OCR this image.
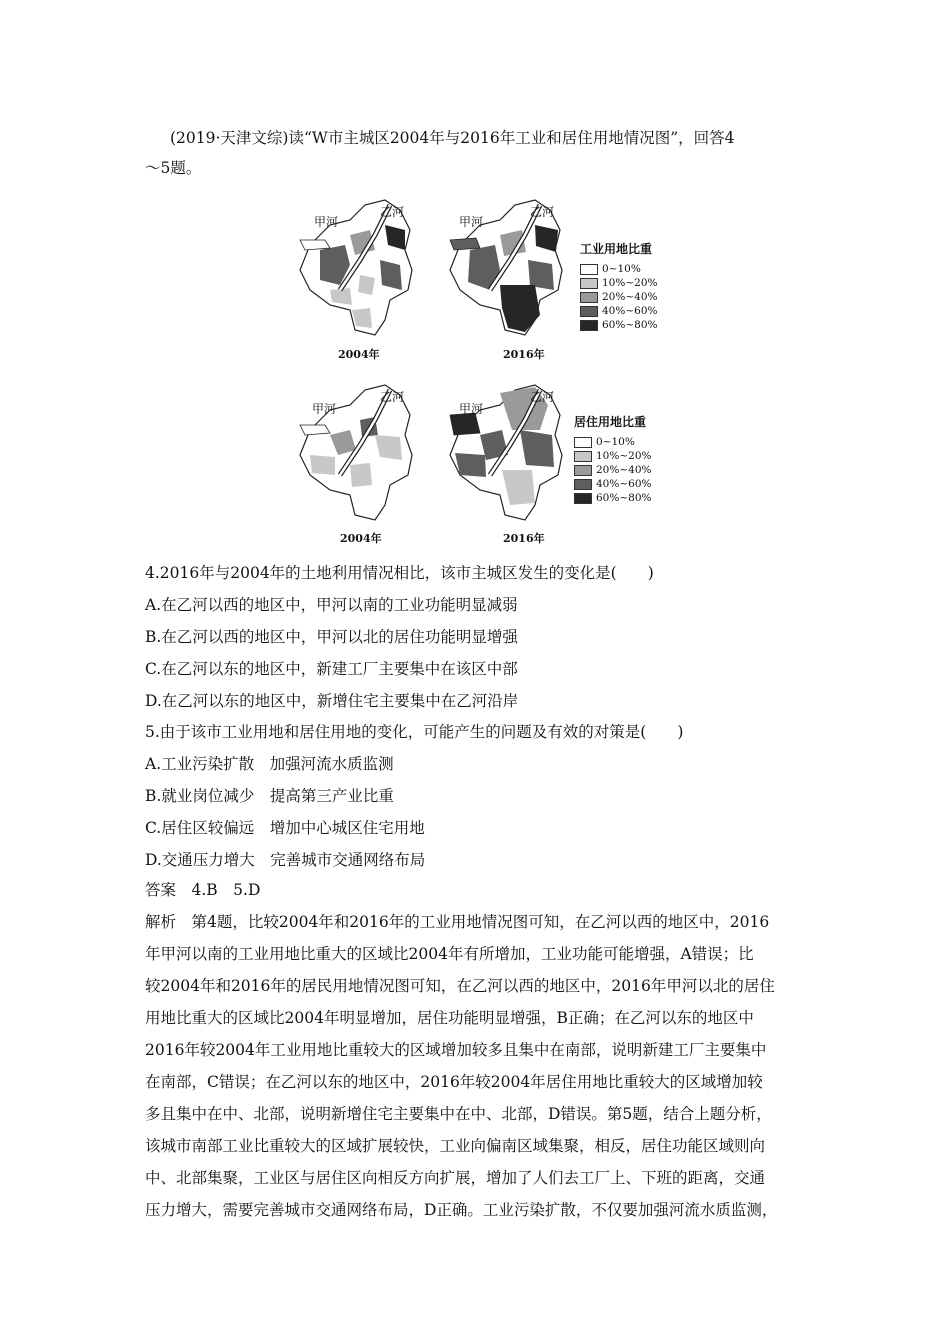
(2019·天津文综)读“W市主城区2004年与2016年工业和居住用地情况图”，回答4
～5题。
甲河
乙河
2004年
甲河
乙河
2016年
工业用地比重
0~10%
10%~20%
20%~40%
40%~60%
60%~80%
甲河
乙河
2004年
甲河
乙河
2016年
居住用地比重
0~10%
10%~20%
20%~40%
40%~60%
60%~80%
4.2016年与2004年的土地利用情况相比，该市主城区发生的变化是(　　)
A.在乙河以西的地区中，甲河以南的工业功能明显减弱
B.在乙河以西的地区中，甲河以北的居住功能明显增强
C.在乙河以东的地区中，新建工厂主要集中在该区中部
D.在乙河以东的地区中，新增住宅主要集中在乙河沿岸
5.由于该市工业用地和居住用地的变化，可能产生的问题及有效的对策是(　　)
A.工业污染扩散　加强河流水质监测
B.就业岗位减少　提高第三产业比重
C.居住区较偏远　增加中心城区住宅用地
D.交通压力增大　完善城市交通网络布局
答案　4.B　5.D
解析　第4题，比较2004年和2016年的工业用地情况图可知，在乙河以西的地区中，2016
年甲河以南的工业用地比重大的区域比2004年有所增加，工业功能可能增强，A错误；比
较2004年和2016年的居民用地情况图可知，在乙河以西的地区中，2016年甲河以北的居住
用地比重大的区域比2004年明显增加，居住功能明显增强，B正确；在乙河以东的地区中
2016年较2004年工业用地比重较大的区域增加较多且集中在南部，说明新建工厂主要集中
在南部，C错误；在乙河以东的地区中，2016年较2004年居住用地比重较大的区域增加较
多且集中在中、北部，说明新增住宅主要集中在中、北部，D错误。第5题，结合上题分析，
该城市南部工业比重较大的区域扩展较快，工业向偏南区域集聚，相反，居住功能区域则向
中、北部集聚，工业区与居住区向相反方向扩展，增加了人们去工厂上、下班的距离，交通
压力增大，需要完善城市交通网络布局，D正确。工业污染扩散，不仅要加强河流水质监测，
